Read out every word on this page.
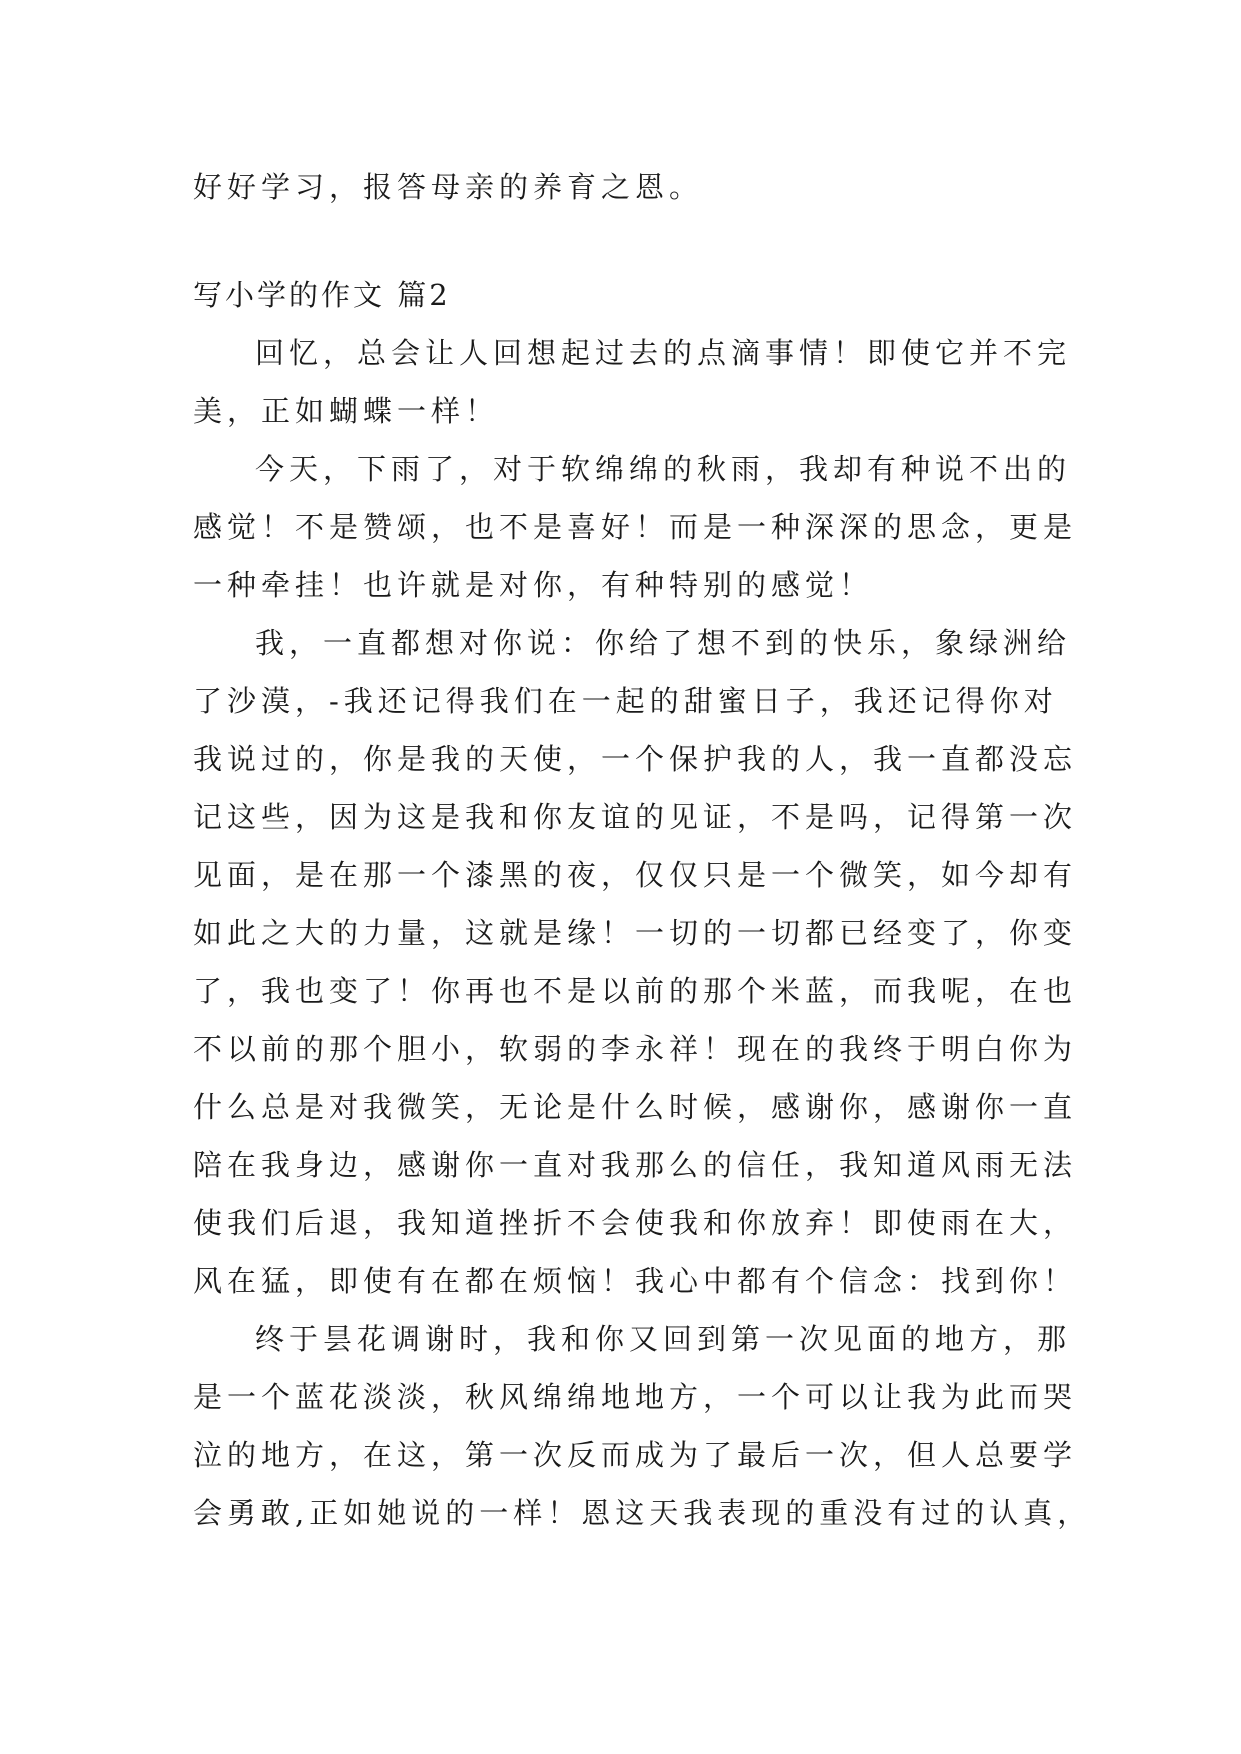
好好学习，报答母亲的养育之恩。
写小学的作文 篇2
回忆，总会让人回想起过去的点滴事情！即使它并不完
美，正如蝴蝶一样！
今天，下雨了，对于软绵绵的秋雨，我却有种说不出的
感觉！不是赞颂，也不是喜好！而是一种深深的思念，更是
一种牵挂！也许就是对你，有种特别的感觉！
我，一直都想对你说：你给了想不到的快乐，象绿洲给
了沙漠，-我还记得我们在一起的甜蜜日子，我还记得你对
我说过的，你是我的天使，一个保护我的人，我一直都没忘
记这些，因为这是我和你友谊的见证，不是吗，记得第一次
见面，是在那一个漆黑的夜，仅仅只是一个微笑，如今却有
如此之大的力量，这就是缘！一切的一切都已经变了，你变
了，我也变了！你再也不是以前的那个米蓝，而我呢，在也
不以前的那个胆小，软弱的李永祥！现在的我终于明白你为
什么总是对我微笑，无论是什么时候，感谢你，感谢你一直
陪在我身边，感谢你一直对我那么的信任，我知道风雨无法
使我们后退，我知道挫折不会使我和你放弃！即使雨在大，
风在猛，即使有在都在烦恼！我心中都有个信念：找到你！
终于昙花调谢时，我和你又回到第一次见面的地方，那
是一个蓝花淡淡，秋风绵绵地地方，一个可以让我为此而哭
泣的地方，在这，第一次反而成为了最后一次，但人总要学
会勇敢,正如她说的一样！恩这天我表现的重没有过的认真，
